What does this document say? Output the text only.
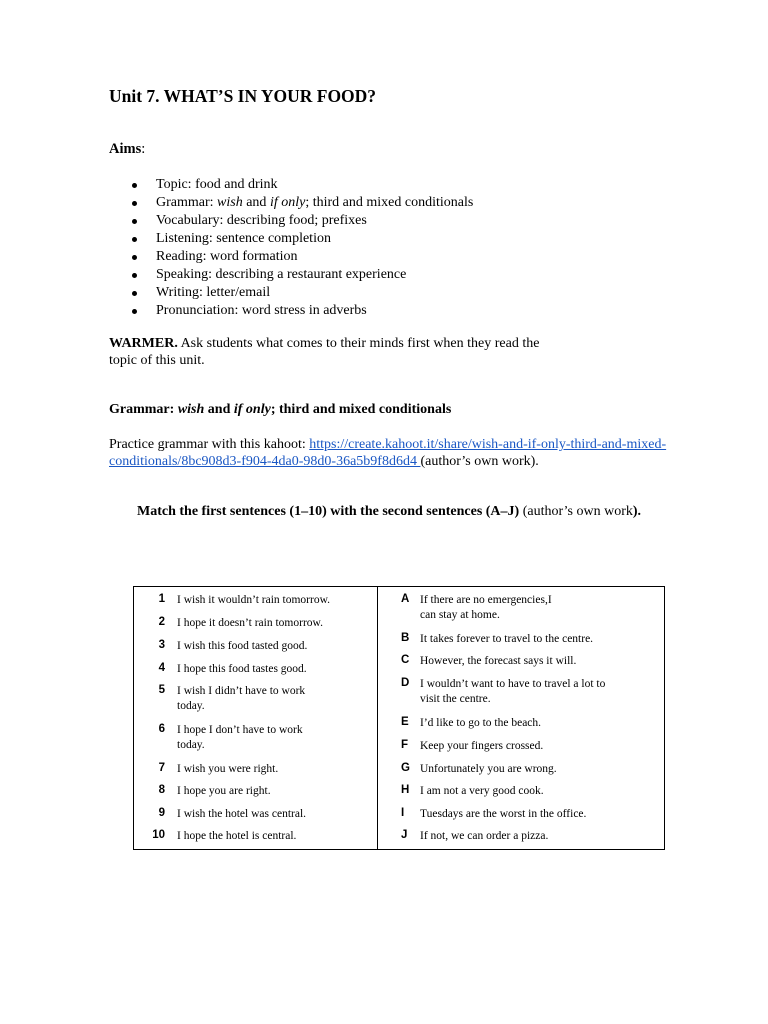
Unit 7. WHAT’S IN YOUR FOOD?
Aims:
Topic: food and drink
Grammar: wish and if only; third and mixed conditionals
Vocabulary: describing food; prefixes
Listening: sentence completion
Reading: word formation
Speaking: describing a restaurant experience
Writing: letter/email
Pronunciation: word stress in adverbs
WARMER. Ask students what comes to their minds first when they read the topic of this unit.
Grammar: wish and if only; third and mixed conditionals
Practice grammar with this kahoot: https://create.kahoot.it/share/wish-and-if-only-third-and-mixed-conditionals/8bc908d3-f904-4da0-98d0-36a5b9f8d6d4 (author’s own work).
Match the first sentences (1–10) with the second sentences (A–J) (author’s own work).
1 I wish it wouldn’t rain tomorrow.
2 I hope it doesn’t rain tomorrow.
3 I wish this food tasted good.
4 I hope this food tastes good.
5 I wish I didn’t have to work
today.
6 I hope I don’t have to work
today.
7 I wish you were right.
8 I hope you are right.
9 I wish the hotel was central.
10 I hope the hotel is central.
A If there are no emergencies,I
can stay at home.
B It takes forever to travel to the centre.
C However, the forecast says it will.
D I wouldn’t want to have to travel a lot to
visit the centre.
E I’d like to go to the beach.
F	Keep your fingers crossed.
G Unfortunately you are wrong.
H I am not a very good cook.
I	Tuesdays are the worst in the office.
J	If not, we can order a pizza.
